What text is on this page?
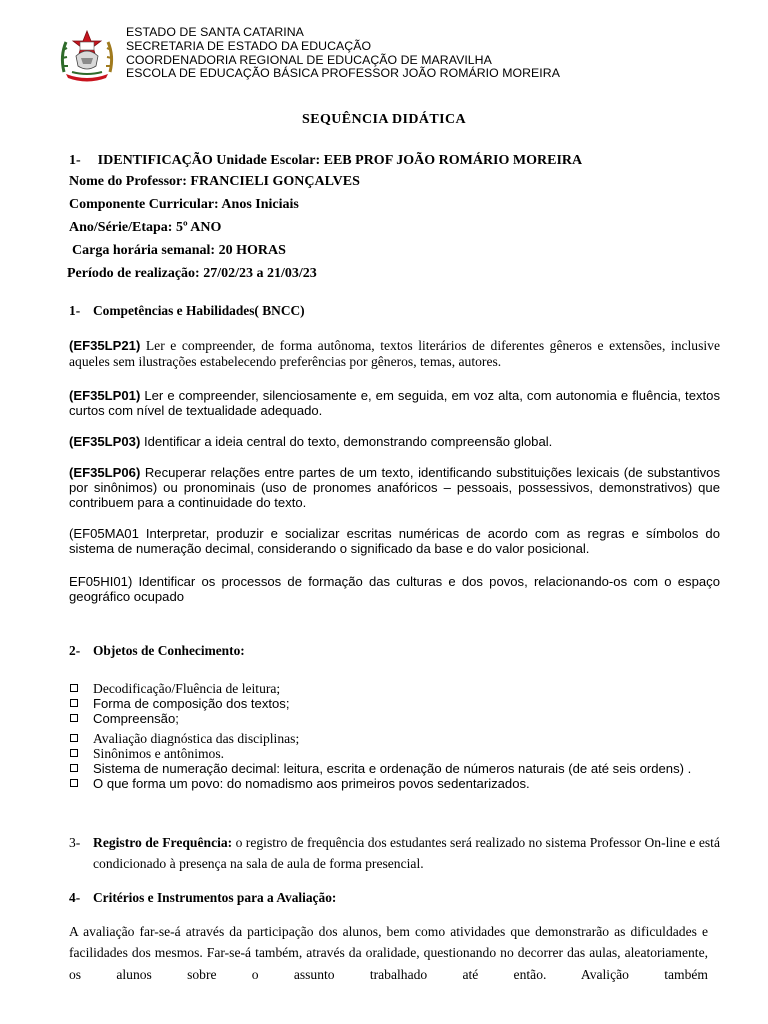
ESTADO DE SANTA CATARINA
SECRETARIA DE ESTADO DA EDUCAÇÃO
COORDENADORIA REGIONAL DE EDUCAÇÃO DE MARAVILHA
ESCOLA DE EDUCAÇÃO BÁSICA PROFESSOR JOÃO ROMÁRIO MOREIRA
SEQUÊNCIA DIDÁTICA
1- IDENTIFICAÇÃO Unidade Escolar: EEB PROF JOÃO ROMÁRIO MOREIRA
Nome do Professor: FRANCIELI GONÇALVES
Componente Curricular: Anos Iniciais
Ano/Série/Etapa: 5º ANO
Carga horária semanal: 20 HORAS
Período de realização: 27/02/23 a 21/03/23
1- Competências e Habilidades( BNCC)
(EF35LP21) Ler e compreender, de forma autônoma, textos literários de diferentes gêneros e extensões, inclusive aqueles sem ilustrações estabelecendo preferências por gêneros, temas, autores.
(EF35LP01) Ler e compreender, silenciosamente e, em seguida, em voz alta, com autonomia e fluência, textos curtos com nível de textualidade adequado.
(EF35LP03) Identificar a ideia central do texto, demonstrando compreensão global.
(EF35LP06) Recuperar relações entre partes de um texto, identificando substituições lexicais (de substantivos por sinônimos) ou pronominais (uso de pronomes anafóricos – pessoais, possessivos, demonstrativos) que contribuem para a continuidade do texto.
(EF05MA01 Interpretar, produzir e socializar escritas numéricas de acordo com as regras e símbolos do sistema de numeração decimal, considerando o significado da base e do valor posicional.
EF05HI01) Identificar os processos de formação das culturas e dos povos, relacionando-os com o espaço geográfico ocupado
2- Objetos de Conhecimento:
Decodificação/Fluência de leitura;
Forma de composição dos textos;
Compreensão;
Avaliação diagnóstica das disciplinas;
Sinônimos e antônimos.
Sistema de numeração decimal: leitura, escrita e ordenação de números naturais (de até seis ordens) .
O que forma um povo: do nomadismo aos primeiros povos sedentarizados.
3- Registro de Frequência: o registro de frequência dos estudantes será realizado no sistema Professor On-line e está condicionado à presença na sala de aula de forma presencial.
4- Critérios e Instrumentos para a Avaliação:
A avaliação far-se-á através da participação dos alunos, bem como atividades que demonstrarão as dificuldades e facilidades dos mesmos. Far-se-á também, através da oralidade, questionando no decorrer das aulas, aleatoriamente, os alunos sobre o assunto trabalhado até então. Avalição também
